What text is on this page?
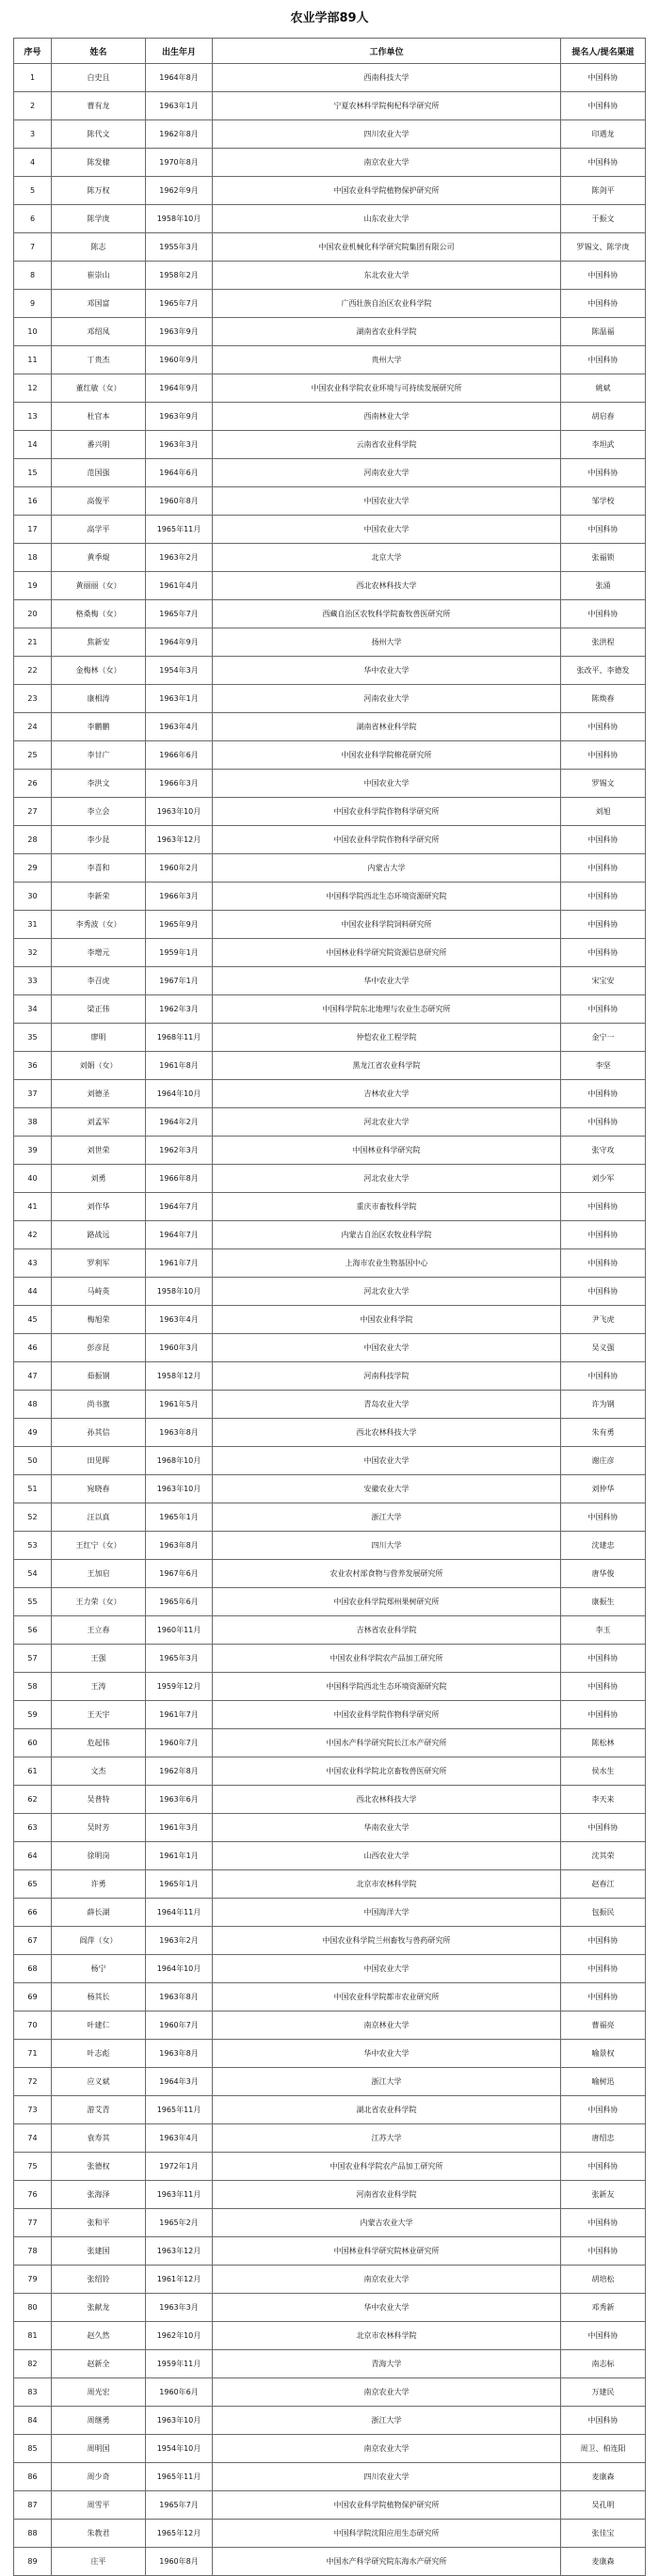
农业学部89人
序号	姓名	出生年月	工作单位	提名人/提名渠道
1	白史且	1964年8月	西南科技大学	中国科协
2	曹有龙	1963年1月	宁夏农林科学院枸杞科学研究所	中国科协
3	陈代文	1962年8月	四川农业大学	印遇龙
4	陈发棣	1970年8月	南京农业大学	中国科协
5	陈万权	1962年9月	中国农业科学院植物保护研究所	陈剑平
6	陈学庚	1958年10月	山东农业大学	于振文
7	陈志	1955年3月	中国农业机械化科学研究院集团有限公司	罗锡文、陈学庚
8	崔崇山	1958年2月	东北农业大学	中国科协
9	邓国富	1965年7月	广西壮族自治区农业科学院	中国科协
10	邓绍凤	1963年9月	湖南省农业科学院	陈温福
11	丁贵杰	1960年9月	贵州大学	中国科协
12	董红敏（女）	1964年9月	中国农业科学院农业环境与可持续发展研究所	姚斌
13	杜官本	1963年9月	西南林业大学	胡启春
14	番兴明	1963年3月	云南省农业科学院	李坦武
15	范国强	1964年6月	河南农业大学	中国科协
16	高俊平	1960年8月	中国农业大学	邹学校
17	高学平	1965年11月	中国农业大学	中国科协
18	黄季焜	1963年2月	北京大学	张福锁
19	黄丽丽（女）	1961年4月	西北农林科技大学	张涌
20	格桑梅（女）	1965年7月	西藏自治区农牧科学院畜牧兽医研究所	中国科协
21	焦新安	1964年9月	扬州大学	张洪程
22	金梅林（女）	1954年3月	华中农业大学	张改平、李德发
23	康相涛	1963年1月	河南农业大学	陈焕春
24	李鹏鹏	1963年4月	湖南省林业科学院	中国科协
25	李甘广	1966年6月	中国农业科学院棉花研究所	中国科协
26	李洪文	1966年3月	中国农业大学	罗锡文
27	李立会	1963年10月	中国农业科学院作物科学研究所	刘旭
28	李少昆	1963年12月	中国农业科学院作物科学研究所	中国科协
29	李喜和	1960年2月	内蒙古大学	中国科协
30	李新荣	1966年3月	中国科学院西北生态环境资源研究院	中国科协
31	李秀波（女）	1965年9月	中国农业科学院饲料研究所	中国科协
32	李增元	1959年1月	中国林业科学研究院资源信息研究所	中国科协
33	李召虎	1967年1月	华中农业大学	宋宝安
34	梁正伟	1962年3月	中国科学院东北地理与农业生态研究所	中国科协
35	廖明	1968年11月	仲恺农业工程学院	金宁一
36	刘娟（女）	1961年8月	黑龙江省农业科学院	李坚
37	刘德圣	1964年10月	吉林农业大学	中国科协
38	刘孟军	1964年2月	河北农业大学	中国科协
39	刘世荣	1962年3月	中国林业科学研究院	张守攻
40	刘勇	1966年8月	河北农业大学	刘少军
41	刘作华	1964年7月	重庆市畜牧科学院	中国科协
42	路战远	1964年7月	内蒙古自治区农牧业科学院	中国科协
43	罗利军	1961年7月	上海市农业生物基因中心	中国科协
44	马峙英	1958年10月	河北农业大学	中国科协
45	梅旭荣	1963年4月	中国农业科学院	尹飞虎
46	彭彦昆	1960年3月	中国农业大学	吴义强
47	茹振钢	1958年12月	河南科技学院	中国科协
48	尚书旗	1961年5月	青岛农业大学	许为钢
49	孙其信	1963年8月	西北农林科技大学	朱有勇
50	田见晖	1968年10月	中国农业大学	谢庄彦
51	宛晓春	1963年10月	安徽农业大学	刘仲华
52	汪以真	1965年1月	浙江大学	中国科协
53	王红宁（女）	1963年8月	四川大学	沈建忠
54	王加启	1967年6月	农业农村部食物与营养发展研究所	唐华俊
55	王力荣（女）	1965年6月	中国农业科学院郑州果树研究所	康振生
56	王立春	1960年11月	吉林省农业科学院	李玉
57	王强	1965年3月	中国农业科学院农产品加工研究所	中国科协
58	王涛	1959年12月	中国科学院西北生态环境资源研究院	中国科协
59	王天宇	1961年7月	中国农业科学院作物科学研究所	中国科协
60	危起伟	1960年7月	中国水产科学研究院长江水产研究所	陈松林
61	文杰	1962年8月	中国农业科学院北京畜牧兽医研究所	侯水生
62	吴普特	1963年6月	西北农林科技大学	李天来
63	吴时芳	1961年3月	华南农业大学	中国科协
64	徐明岗	1961年1月	山西农业大学	沈其荣
65	许勇	1965年1月	北京市农林科学院	赵春江
66	薛长湖	1964年11月	中国海洋大学	包振民
67	阎萍（女）	1963年2月	中国农业科学院兰州畜牧与兽药研究所	中国科协
68	杨宁	1964年10月	中国农业大学	中国科协
69	杨其长	1963年8月	中国农业科学院都市农业研究所	中国科协
70	叶建仁	1960年7月	南京林业大学	曹福亮
71	叶志彪	1963年8月	华中农业大学	喻景权
72	应义斌	1964年3月	浙江大学	喻树迅
73	游艾青	1965年11月	湖北省农业科学院	中国科协
74	袁寿其	1963年4月	江苏大学	唐绍忠
75	张德权	1972年1月	中国农业科学院农产品加工研究所	中国科协
76	张海泽	1963年11月	河南省农业科学院	张新友
77	张和平	1965年2月	内蒙古农业大学	中国科协
78	张建国	1963年12月	中国林业科学研究院林业研究所	中国科协
79	张绍铃	1961年12月	南京农业大学	胡培松
80	张献龙	1963年3月	华中农业大学	邓秀新
81	赵久然	1962年10月	北京市农林科学院	中国科协
82	赵新全	1959年11月	青海大学	南志标
83	周光宏	1960年6月	南京农业大学	万建民
84	周继勇	1963年10月	浙江大学	中国科协
85	周明国	1954年10月	南京农业大学	周卫、柏连阳
86	周少奇	1965年11月	四川农业大学	麦康森
87	周雪平	1965年7月	中国农业科学院植物保护研究所	吴孔明
88	朱教君	1965年12月	中国科学院沈阳应用生态研究所	张佳宝
89	庄平	1960年8月	中国水产科学研究院东海水产研究所	麦康森
